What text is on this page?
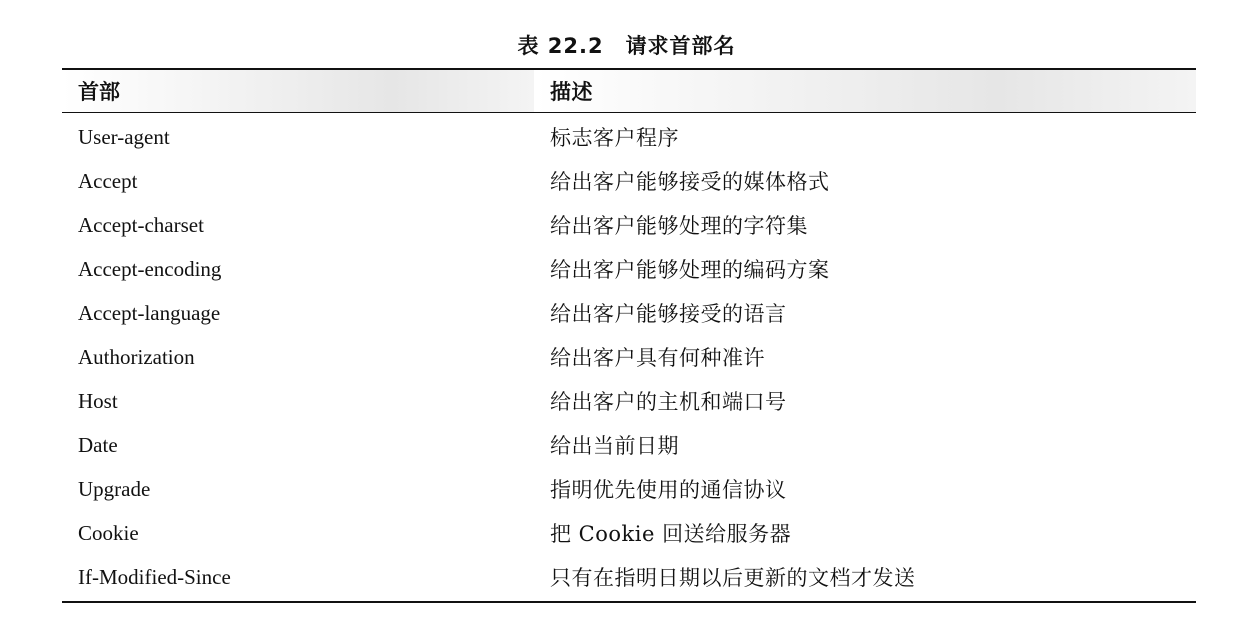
表 22.2 请求首部名
首部	描述
User-agent	标志客户程序
Accept	给出客户能够接受的媒体格式
Accept-charset	给出客户能够处理的字符集
Accept-encoding	给出客户能够处理的编码方案
Accept-language	给出客户能够接受的语言
Authorization	给出客户具有何种准许
Host	给出客户的主机和端口号
Date	给出当前日期
Upgrade	指明优先使用的通信协议
Cookie	把 Cookie 回送给服务器
If-Modified-Since	只有在指明日期以后更新的文档才发送
